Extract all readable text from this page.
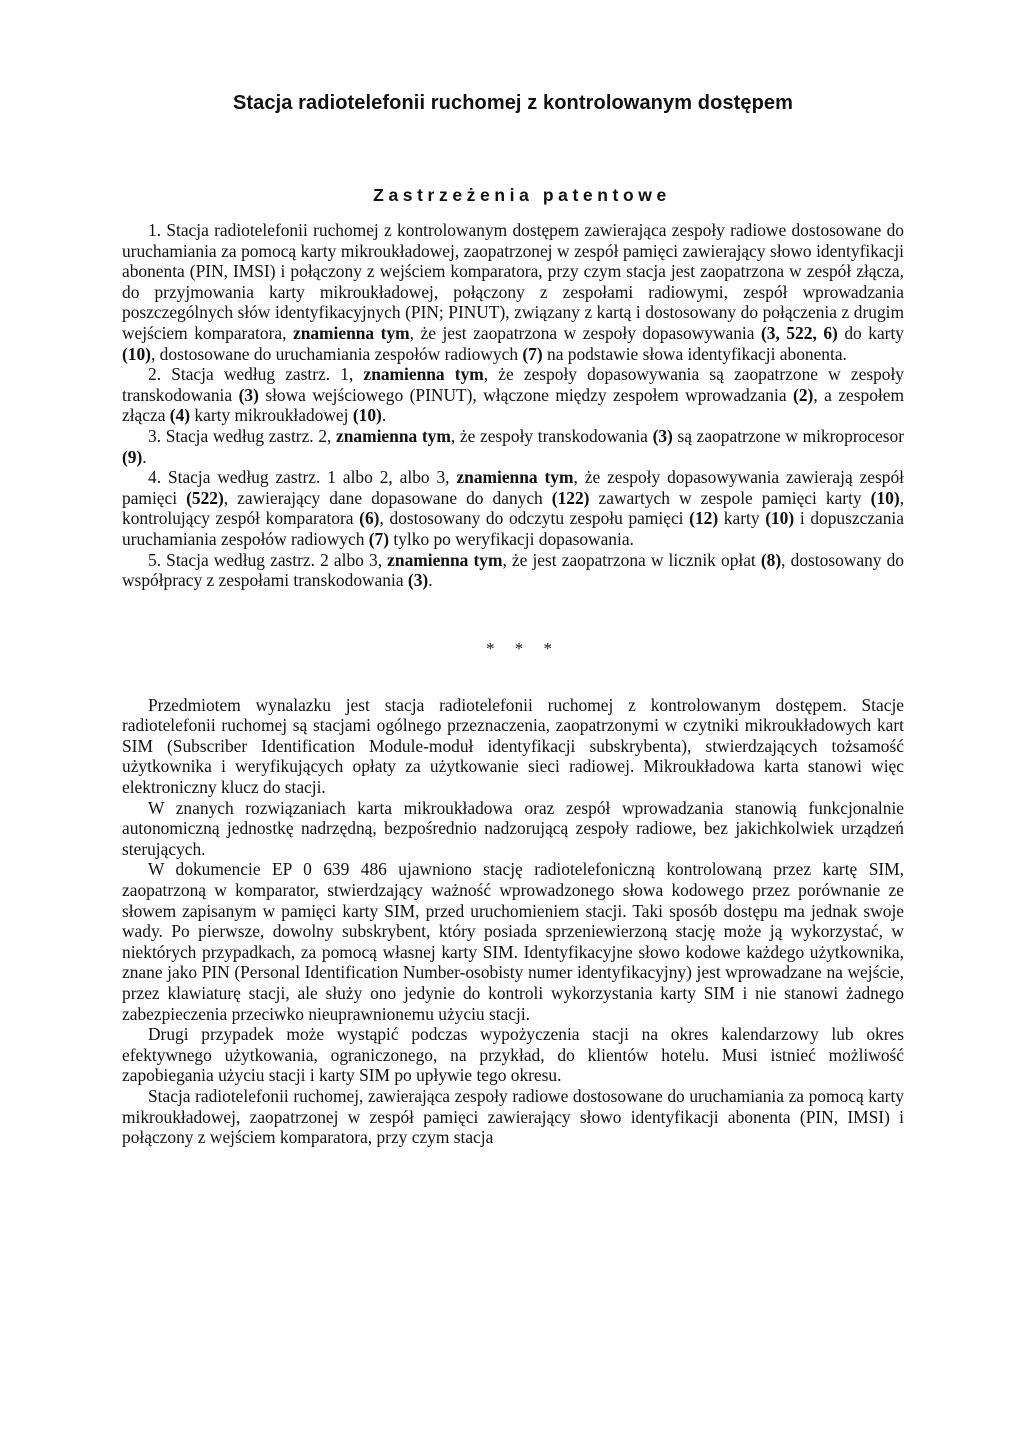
Stacja radiotelefonii ruchomej z kontrolowanym dostępem
Zastrzeżenia patentowe

1. Stacja radiotelefonii ruchomej z kontrolowanym dostępem zawierająca zespoły radiowe dostosowane do uruchamiania za pomocą karty mikroukładowej, zaopatrzonej w zespół pamięci zawierający słowo identyfikacji abonenta (PIN, IMSI) i połączony z wejściem komparatora, przy czym stacja jest zaopatrzona w zespół złącza, do przyjmowania karty mikroukładowej, połączony z zespołami radiowymi, zespół wprowadzania poszczególnych słów identyfikacyjnych (PIN; PINUT), związany z kartą i dostosowany do połączenia z drugim wejściem komparatora, znamienna tym, że jest zaopatrzona w zespoły dopasowywania (3, 522, 6) do karty (10), dostosowane do uruchamiania zespołów radiowych (7) na podstawie słowa identyfikacji abonenta.

2. Stacja według zastrz. 1, znamienna tym, że zespoły dopasowywania są zaopatrzone w zespoły transkodowania (3) słowa wejściowego (PINUT), włączone między zespołem wprowadzania (2), a zespołem złącza (4) karty mikroukładowej (10).

3. Stacja według zastrz. 2, znamienna tym, że zespoły transkodowania (3) są zaopatrzone w mikroprocesor (9).

4. Stacja według zastrz. 1 albo 2, albo 3, znamienna tym, że zespoły dopasowywania zawierają zespół pamięci (522), zawierający dane dopasowane do danych (122) zawartych w zespole pamięci karty (10), kontrolujący zespół komparatora (6), dostosowany do odczytu zespołu pamięci (12) karty (10) i dopuszczania uruchamiania zespołów radiowych (7) tylko po weryfikacji dopasowania.

5. Stacja według zastrz. 2 albo 3, znamienna tym, że jest zaopatrzona w licznik opłat (8), dostosowany do współpracy z zespołami transkodowania (3).

* * *

Przedmiotem wynalazku jest stacja radiotelefonii ruchomej z kontrolowanym dostępem. Stacje radiotelefonii ruchomej są stacjami ogólnego przeznaczenia, zaopatrzonymi w czytniki mikroukładowych kart SIM (Subscriber Identification Module-moduł identyfikacji subskrybenta), stwierdzających tożsamość użytkownika i weryfikujących opłaty za użytkowanie sieci radiowej. Mikroukładowa karta stanowi więc elektroniczny klucz do stacji.

W znanych rozwiązaniach karta mikroukładowa oraz zespół wprowadzania stanowią funkcjonalnie autonomiczną jednostkę nadrzędną, bezpośrednio nadzorującą zespoły radiowe, bez jakichkolwiek urządzeń sterujących.

W dokumencie EP 0 639 486 ujawniono stację radiotelefoniczną kontrolowaną przez kartę SIM, zaopatrzoną w komparator, stwierdzający ważność wprowadzonego słowa kodowego przez porównanie ze słowem zapisanym w pamięci karty SIM, przed uruchomieniem stacji. Taki sposób dostępu ma jednak swoje wady. Po pierwsze, dowolny subskrybent, który posiada sprzeniewierzoną stację może ją wykorzystać, w niektórych przypadkach, za pomocą własnej karty SIM. Identyfikacyjne słowo kodowe każdego użytkownika, znane jako PIN (Personal Identification Number-osobisty numer identyfikacyjny) jest wprowadzane na wejście, przez klawiaturę stacji, ale służy ono jedynie do kontroli wykorzystania karty SIM i nie stanowi żadnego zabezpieczenia przeciwko nieuprawnionemu użyciu stacji.

Drugi przypadek może wystąpić podczas wypożyczenia stacji na okres kalendarzowy lub okres efektywnego użytkowania, ograniczonego, na przykład, do klientów hotelu. Musi istnieć możliwość zapobiegania użyciu stacji i karty SIM po upływie tego okresu.

Stacja radiotelefonii ruchomej, zawierająca zespoły radiowe dostosowane do uruchamiania za pomocą karty mikroukładowej, zaopatrzonej w zespół pamięci zawierający słowo identyfikacji abonenta (PIN, IMSI) i połączony z wejściem komparatora, przy czym stacja
